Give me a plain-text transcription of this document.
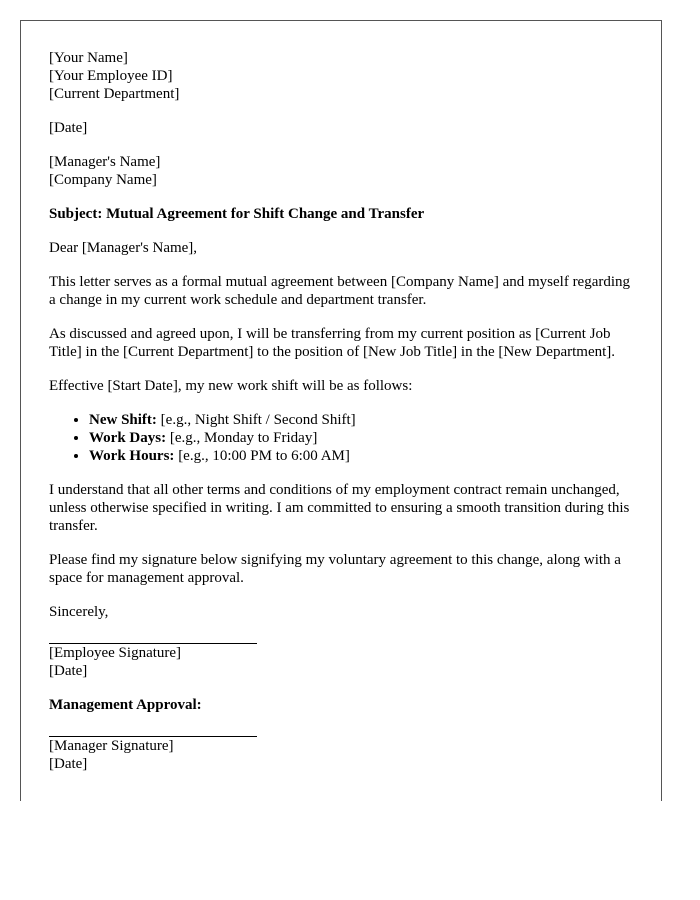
[Your Name]

[Your Employee ID]

[Current Department]

[Date]

[Manager's Name]

[Company Name]

Subject: Mutual Agreement for Shift Change and Transfer

Dear [Manager's Name],

This letter serves as a formal mutual agreement between [Company Name] and myself regarding a change in my current work schedule and department transfer.

As discussed and agreed upon, I will be transferring from my current position as [Current Job Title] in the [Current Department] to the position of [New Job Title] in the [New Department].

Effective [Start Date], my new work shift will be as follows:

• New Shift: [e.g., Night Shift / Second Shift]
• Work Days: [e.g., Monday to Friday]
• Work Hours: [e.g., 10:00 PM to 6:00 AM]

I understand that all other terms and conditions of my employment contract remain unchanged, unless otherwise specified in writing. I am committed to ensuring a smooth transition during this transfer.

Please find my signature below signifying my voluntary agreement to this change, along with a space for management approval.

Sincerely,

[Employee Signature]

[Date]

Management Approval:

[Manager Signature]

[Date]
